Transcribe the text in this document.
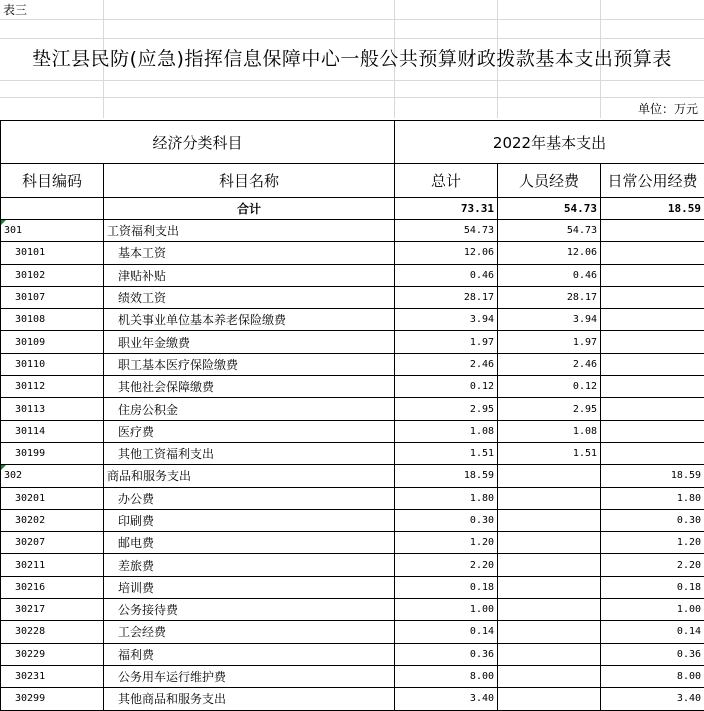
表三
垫江县民防(应急)指挥信息保障中心一般公共预算财政拨款基本支出预算表
单位：万元
经济分类科目		2022年基本支出		
科目编码	科目名称	总计	人员经费	日常公用经费
	合计	73.31	54.73	18.59
301	工资福利支出	54.73	54.73	
30101	基本工资	12.06	12.06	
30102	津贴补贴	0.46	0.46	
30107	绩效工资	28.17	28.17	
30108	机关事业单位基本养老保险缴费	3.94	3.94	
30109	职业年金缴费	1.97	1.97	
30110	职工基本医疗保险缴费	2.46	2.46	
30112	其他社会保障缴费	0.12	0.12	
30113	住房公积金	2.95	2.95	
30114	医疗费	1.08	1.08	
30199	其他工资福利支出	1.51	1.51	
302	商品和服务支出	18.59		18.59
30201	办公费	1.80		1.80
30202	印刷费	0.30		0.30
30207	邮电费	1.20		1.20
30211	差旅费	2.20		2.20
30216	培训费	0.18		0.18
30217	公务接待费	1.00		1.00
30228	工会经费	0.14		0.14
30229	福利费	0.36		0.36
30231	公务用车运行维护费	8.00		8.00
30299	其他商品和服务支出	3.40		3.40
